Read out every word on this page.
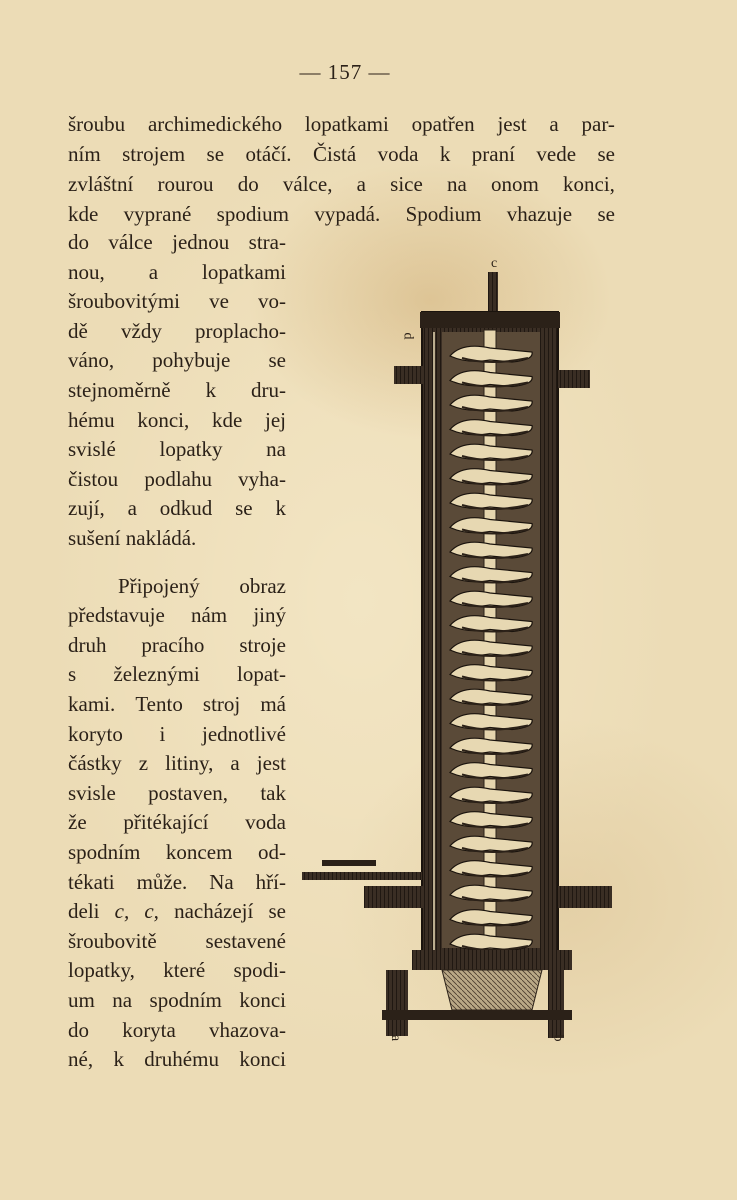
— 157 —
šroubu archimedického lopatkami opatřen jest a par-
ním strojem se otáčí. Čistá voda k praní vede se
zvláštní rourou do válce, a sice na onom konci,
kde vyprané spodium vypadá. Spodium vhazuje se
do válce jednou stra-
nou, a lopatkami
šroubovitými ve vo-
dě vždy proplacho-
váno, pohybuje se
stejnoměrně k dru-
hému konci, kde jej
svislé lopatky na
čistou podlahu vyha-
zují, a odkud se k
sušení nakládá.
Připojený obraz
představuje nám jiný
druh pracího stroje
s železnými lopat-
kami. Tento stroj má
koryto i jednotlivé
částky z litiny, a jest
svisle postaven, tak
že přitékající voda
spodním koncem od-
tékati může. Na hří-
deli c, c, nacházejí se
šroubovitě sestavené
lopatky, které spodi-
um na spodním konci
do koryta vhazova-
né, k druhému konci
c
d
a	b
